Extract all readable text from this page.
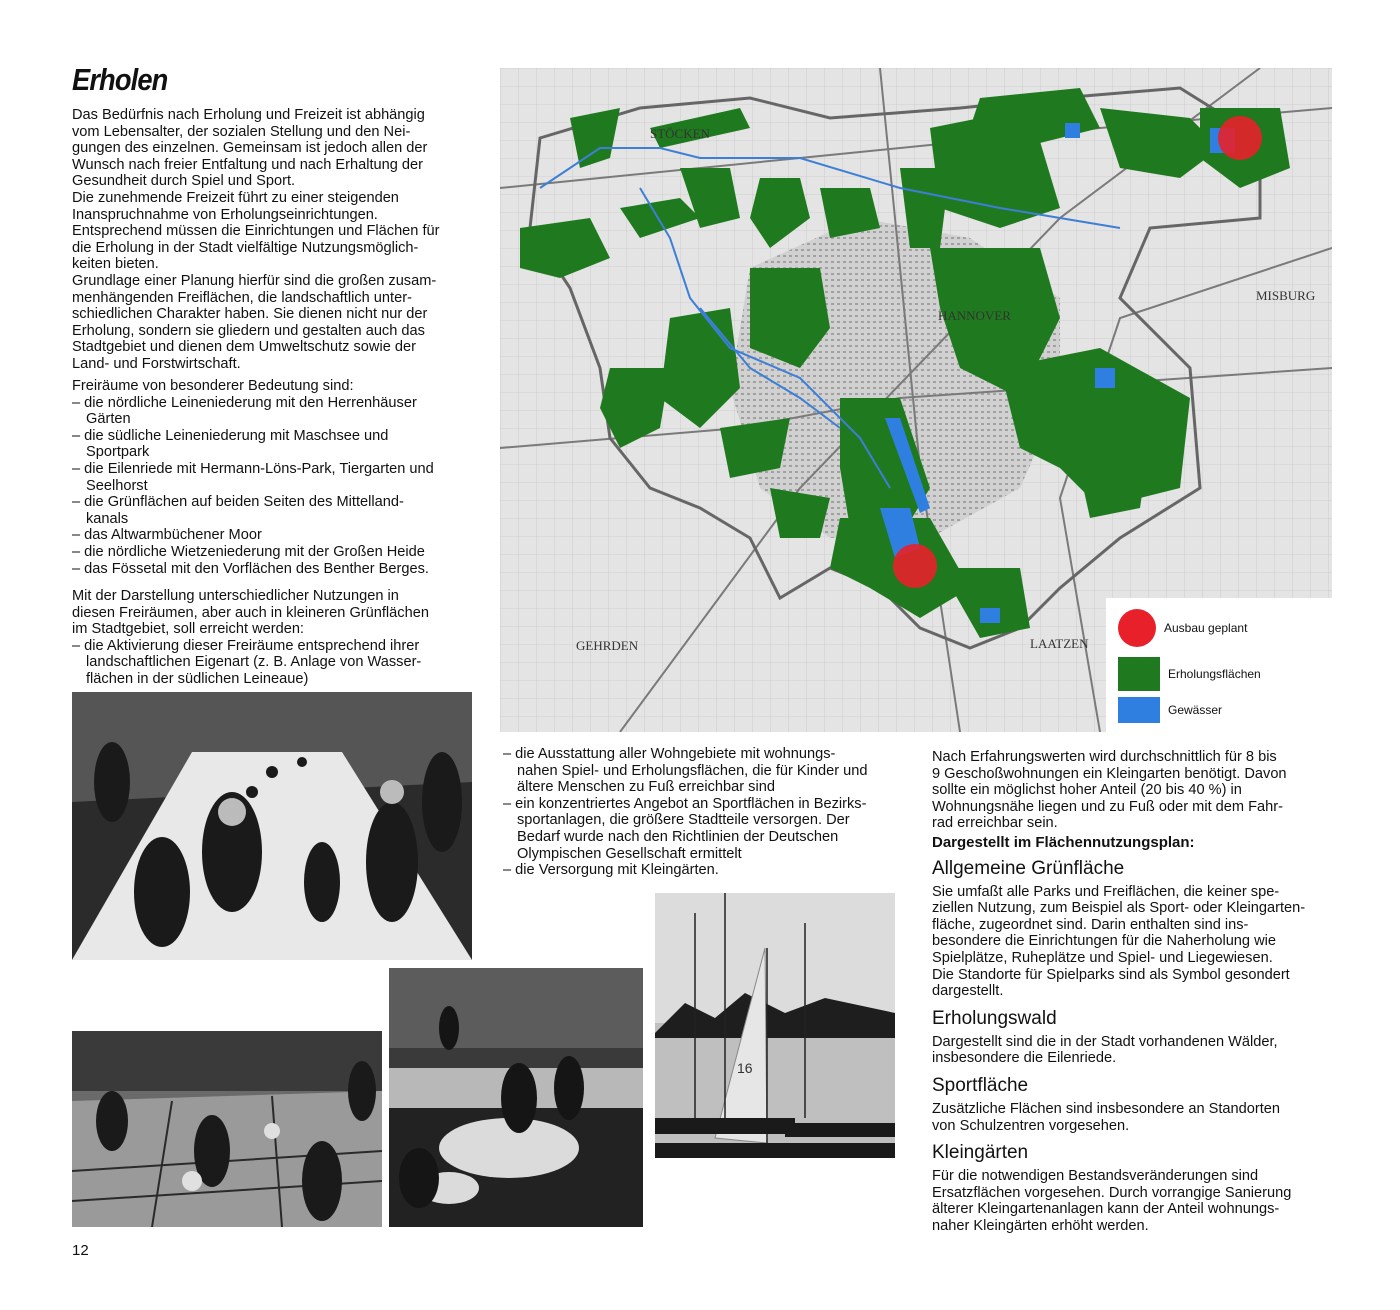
Erholen
Das Bedürfnis nach Erholung und Freizeit ist abhängig
vom Lebensalter, der sozialen Stellung und den Nei-
gungen des einzelnen. Gemeinsam ist jedoch allen der
Wunsch nach freier Entfaltung und nach Erhaltung der
Gesundheit durch Spiel und Sport.
Die zunehmende Freizeit führt zu einer steigenden
Inanspruchnahme von Erholungseinrichtungen.
Entsprechend müssen die Einrichtungen und Flächen für
die Erholung in der Stadt vielfältige Nutzungsmöglich-
keiten bieten.
Grundlage einer Planung hierfür sind die großen zusam-
menhängenden Freiflächen, die landschaftlich unter-
schiedlichen Charakter haben. Sie dienen nicht nur der
Erholung, sondern sie gliedern und gestalten auch das
Stadtgebiet und dienen dem Umweltschutz sowie der
Land- und Forstwirtschaft.
Freiräume von besonderer Bedeutung sind:
– die nördliche Leineniederung mit den Herrenhäuser
Gärten
– die südliche Leineniederung mit Maschsee und
Sportpark
– die Eilenriede mit Hermann-Löns-Park, Tiergarten und
Seelhorst
– die Grünflächen auf beiden Seiten des Mittelland-
kanals
– das Altwarmbüchener Moor
– die nördliche Wietzeniederung mit der Großen Heide
– das Fössetal mit den Vorflächen des Benther Berges.
Mit der Darstellung unterschiedlicher Nutzungen in
diesen Freiräumen, aber auch in kleineren Grünflächen
im Stadtgebiet, soll erreicht werden:
– die Aktivierung dieser Freiräume entsprechend ihrer
landschaftlichen Eigenart (z. B. Anlage von Wasser-
flächen in der südlichen Leineaue)
– die Ausstattung aller Wohngebiete mit wohnungs-
nahen Spiel- und Erholungsflächen, die für Kinder und
ältere Menschen zu Fuß erreichbar sind
– ein konzentriertes Angebot an Sportflächen in Bezirks-
sportanlagen, die größere Stadtteile versorgen. Der
Bedarf wurde nach den Richtlinien der Deutschen
Olympischen Gesellschaft ermittelt
– die Versorgung mit Kleingärten.
Nach Erfahrungswerten wird durchschnittlich für 8 bis
9 Geschoßwohnungen ein Kleingarten benötigt. Davon
sollte ein möglichst hoher Anteil (20 bis 40 %) in
Wohnungsnähe liegen und zu Fuß oder mit dem Fahr-
rad erreichbar sein.
Dargestellt im Flächennutzungsplan:
Allgemeine Grünfläche
Sie umfaßt alle Parks und Freiflächen, die keiner spe-
ziellen Nutzung, zum Beispiel als Sport- oder Kleingarten-
fläche, zugeordnet sind. Darin enthalten sind ins-
besondere die Einrichtungen für die Naherholung wie
Spielplätze, Ruheplätze und Spiel- und Liegewiesen.
Die Standorte für Spielparks sind als Symbol gesondert
dargestellt.
Erholungswald
Dargestellt sind die in der Stadt vorhandenen Wälder,
insbesondere die Eilenriede.
Sportfläche
Zusätzliche Flächen sind insbesondere an Standorten
von Schulzentren vorgesehen.
Kleingärten
Für die notwendigen Bestandsveränderungen sind
Ersatzflächen vorgesehen. Durch vorrangige Sanierung
älterer Kleingartenanlagen kann der Anteil wohnungs-
naher Kleingärten erhöht werden.
HANNOVER
MISBURG
LAATZEN
GEHRDEN
STÖCKEN
Ausbau geplant
Erholungsflächen
Gewässer
16
12
